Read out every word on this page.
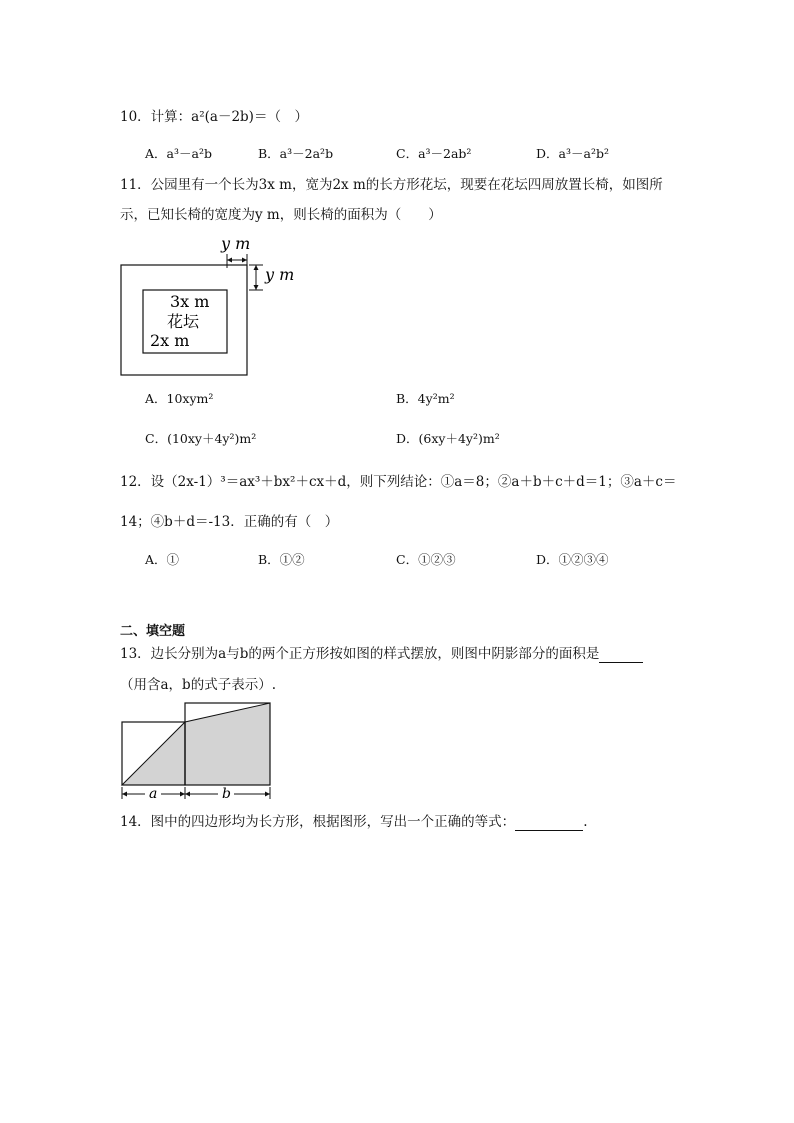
10．计算：a²(a－2b)＝（　）
A．a³－a²b	B．a³－2a²b	C．a³－2ab²	D．a³－a²b²
11．公园里有一个长为3x m，宽为2x m的长方形花坛，现要在花坛四周放置长椅，如图所
示，已知长椅的宽度为y m，则长椅的面积为（　　）
y m
y m
3x m
花坛
2x m
A．10xym²	B．4y²m²
C．(10xy＋4y²)m²	D．(6xy＋4y²)m²
12．设（2x-1）³＝ax³＋bx²＋cx＋d，则下列结论：①a＝8；②a＋b＋c＋d＝1；③a＋c＝
14；④b＋d＝-13．正确的有（　）
A．①	B．①②	C．①②③	D．①②③④
二、填空题
13．边长分别为a与b的两个正方形按如图的样式摆放，则图中阴影部分的面积是
（用含a，b的式子表示）.
a	b
14．图中的四边形均为长方形，根据图形，写出一个正确的等式：	.
